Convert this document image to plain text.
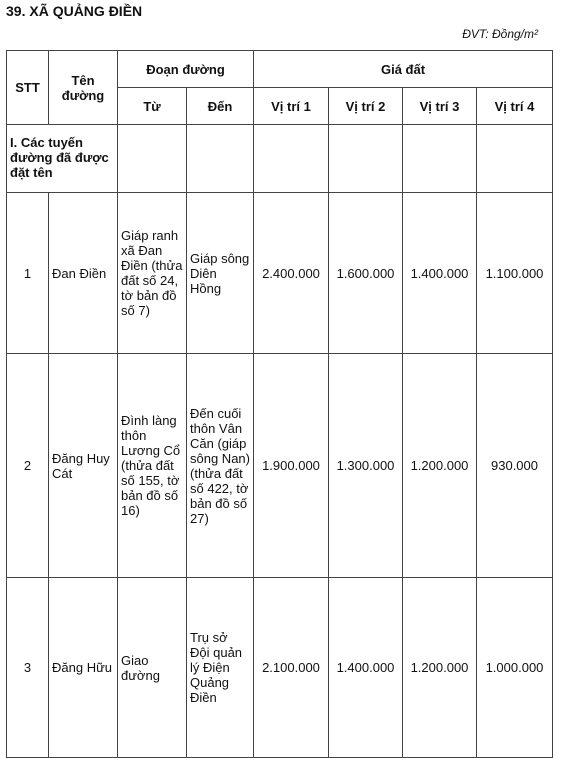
39. XÃ QUẢNG ĐIỀN
ĐVT: Đồng/m²
STT	Tên đường	Đoạn đường		Giá đất			
		Từ	Đến	Vị trí 1	Vị trí 2	Vị trí 3	Vị trí 4
I. Các tuyến đường đã được đặt tên							
1	Đan Điền	Giáp ranh xã Đan Điền (thửa đất số 24, tờ bản đồ số 7)	Giáp sông Diên Hồng	2.400.000	1.600.000	1.400.000	1.100.000
2	Đăng Huy Cát	Đình làng thôn Lương Cổ (thửa đất số 155, tờ bản đồ số 16)	Đến cuối thôn Vân Căn (giáp sông Nan) (thửa đất số 422, tờ bản đồ số 27)	1.900.000	1.300.000	1.200.000	930.000
3	Đăng Hữu	Giao đường	Trụ sở Đội quản lý Điện Quảng Điền	2.100.000	1.400.000	1.200.000	1.000.000
